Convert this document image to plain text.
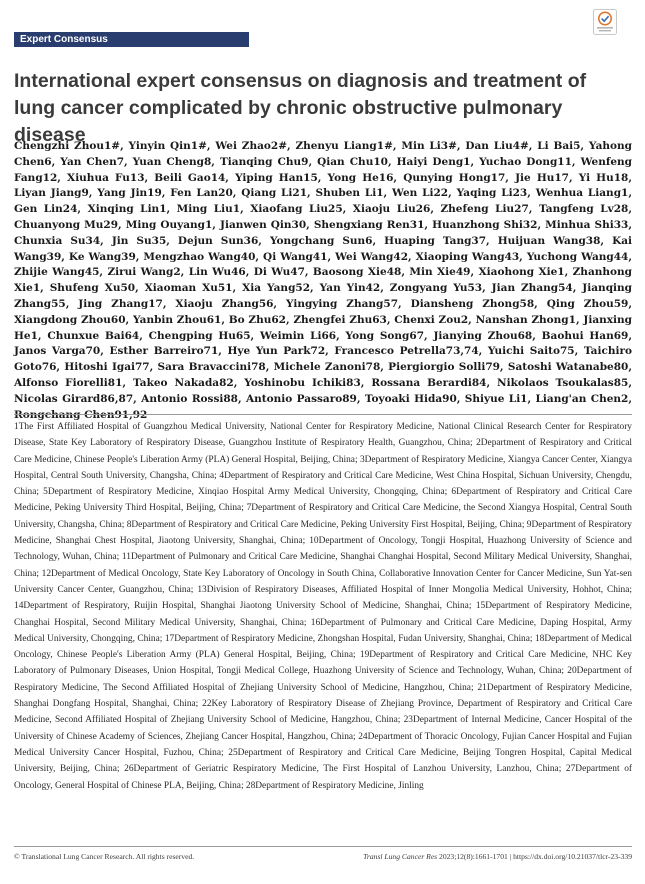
Expert Consensus
International expert consensus on diagnosis and treatment of lung cancer complicated by chronic obstructive pulmonary disease
Chengzhi Zhou1#, Yinyin Qin1#, Wei Zhao2#, Zhenyu Liang1#, Min Li3#, Dan Liu4#, Li Bai5, Yahong Chen6, Yan Chen7, Yuan Cheng8, Tianqing Chu9, Qian Chu10, Haiyi Deng1, Yuchao Dong11, Wenfeng Fang12, Xiuhua Fu13, Beili Gao14, Yiping Han15, Yong He16, Qunying Hong17, Jie Hu17, Yi Hu18, Liyan Jiang9, Yang Jin19, Fen Lan20, Qiang Li21, Shuben Li1, Wen Li22, Yaqing Li23, Wenhua Liang1, Gen Lin24, Xinqing Lin1, Ming Liu1, Xiaofang Liu25, Xiaoju Liu26, Zhefeng Liu27, Tangfeng Lv28, Chuanyong Mu29, Ming Ouyang1, Jianwen Qin30, Shengxiang Ren31, Huanzhong Shi32, Minhua Shi33, Chunxia Su34, Jin Su35, Dejun Sun36, Yongchang Sun6, Huaping Tang37, Huijuan Wang38, Kai Wang39, Ke Wang39, Mengzhao Wang40, Qi Wang41, Wei Wang42, Xiaoping Wang43, Yuchong Wang44, Zhijie Wang45, Zirui Wang2, Lin Wu46, Di Wu47, Baosong Xie48, Min Xie49, Xiaohong Xie1, Zhanhong Xie1, Shufeng Xu50, Xiaoman Xu51, Xia Yang52, Yan Yin42, Zongyang Yu53, Jian Zhang54, Jianqing Zhang55, Jing Zhang17, Xiaoju Zhang56, Yingying Zhang57, Diansheng Zhong58, Qing Zhou59, Xiangdong Zhou60, Yanbin Zhou61, Bo Zhu62, Zhengfei Zhu63, Chenxi Zou2, Nanshan Zhong1, Jianxing He1, Chunxue Bai64, Chengping Hu65, Weimin Li66, Yong Song67, Jianying Zhou68, Baohui Han69, Janos Varga70, Esther Barreiro71, Hye Yun Park72, Francesco Petrella73,74, Yuichi Saito75, Taichiro Goto76, Hitoshi Igai77, Sara Bravaccini78, Michele Zanoni78, Piergiorgio Solli79, Satoshi Watanabe80, Alfonso Fiorelli81, Takeo Nakada82, Yoshinobu Ichiki83, Rossana Berardi84, Nikolaos Tsoukalas85, Nicolas Girard86,87, Antonio Rossi88, Antonio Passaro89, Toyoaki Hida90, Shiyue Li1, Liang'an Chen2, Rongchang Chen91,92
1The First Affiliated Hospital of Guangzhou Medical University, National Center for Respiratory Medicine, National Clinical Research Center for Respiratory Disease, State Key Laboratory of Respiratory Disease, Guangzhou Institute of Respiratory Health, Guangzhou, China; 2Department of Respiratory and Critical Care Medicine, Chinese People's Liberation Army (PLA) General Hospital, Beijing, China; 3Department of Respiratory Medicine, Xiangya Cancer Center, Xiangya Hospital, Central South University, Changsha, China; 4Department of Respiratory and Critical Care Medicine, West China Hospital, Sichuan University, Chengdu, China; 5Department of Respiratory Medicine, Xinqiao Hospital Army Medical University, Chongqing, China; 6Department of Respiratory and Critical Care Medicine, Peking University Third Hospital, Beijing, China; 7Department of Respiratory and Critical Care Medicine, the Second Xiangya Hospital, Central South University, Changsha, China; 8Department of Respiratory and Critical Care Medicine, Peking University First Hospital, Beijing, China; 9Department of Respiratory Medicine, Shanghai Chest Hospital, Jiaotong University, Shanghai, China; 10Department of Oncology, Tongji Hospital, Huazhong University of Science and Technology, Wuhan, China; 11Department of Pulmonary and Critical Care Medicine, Shanghai Changhai Hospital, Second Military Medical University, Shanghai, China; 12Department of Medical Oncology, State Key Laboratory of Oncology in South China, Collaborative Innovation Center for Cancer Medicine, Sun Yat-sen University Cancer Center, Guangzhou, China; 13Division of Respiratory Diseases, Affiliated Hospital of Inner Mongolia Medical University, Hohhot, China; 14Department of Respiratory, Ruijin Hospital, Shanghai Jiaotong University School of Medicine, Shanghai, China; 15Department of Respiratory Medicine, Changhai Hospital, Second Military Medical University, Shanghai, China; 16Department of Pulmonary and Critical Care Medicine, Daping Hospital, Army Medical University, Chongqing, China; 17Department of Respiratory Medicine, Zhongshan Hospital, Fudan University, Shanghai, China; 18Department of Medical Oncology, Chinese People's Liberation Army (PLA) General Hospital, Beijing, China; 19Department of Respiratory and Critical Care Medicine, NHC Key Laboratory of Pulmonary Diseases, Union Hospital, Tongji Medical College, Huazhong University of Science and Technology, Wuhan, China; 20Department of Respiratory Medicine, The Second Affiliated Hospital of Zhejiang University School of Medicine, Hangzhou, China; 21Department of Respiratory Medicine, Shanghai Dongfang Hospital, Shanghai, China; 22Key Laboratory of Respiratory Disease of Zhejiang Province, Department of Respiratory and Critical Care Medicine, Second Affiliated Hospital of Zhejiang University School of Medicine, Hangzhou, China; 23Department of Internal Medicine, Cancer Hospital of the University of Chinese Academy of Sciences, Zhejiang Cancer Hospital, Hangzhou, China; 24Department of Thoracic Oncology, Fujian Cancer Hospital and Fujian Medical University Cancer Hospital, Fuzhou, China; 25Department of Respiratory and Critical Care Medicine, Beijing Tongren Hospital, Capital Medical University, Beijing, China; 26Department of Geriatric Respiratory Medicine, The First Hospital of Lanzhou University, Lanzhou, China; 27Department of Oncology, General Hospital of Chinese PLA, Beijing, China; 28Department of Respiratory Medicine, Jinling
© Translational Lung Cancer Research. All rights reserved.	Transl Lung Cancer Res 2023;12(8):1661-1701 | https://dx.doi.org/10.21037/tlcr-23-339
